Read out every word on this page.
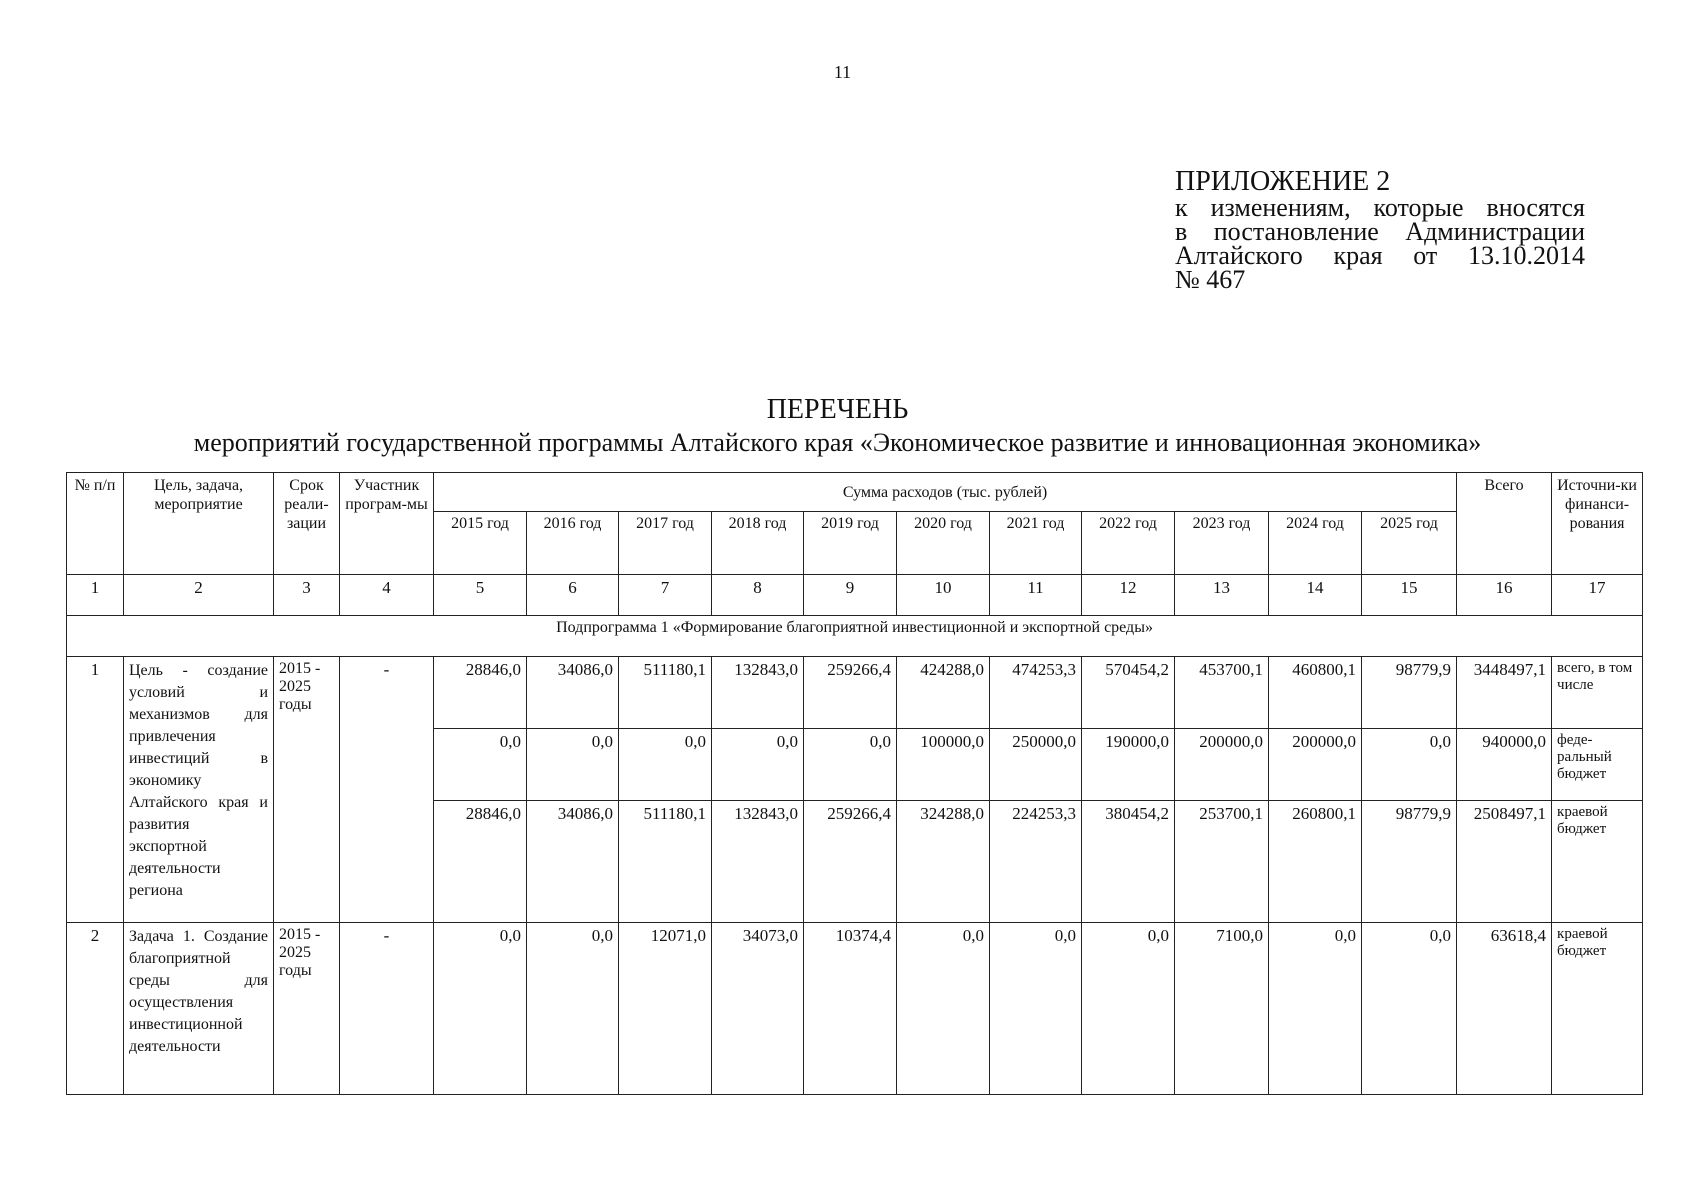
11
ПРИЛОЖЕНИЕ 2
к изменениям, которые вносятся
в постановление Администрации
Алтайского края от 13.10.2014
№ 467
ПЕРЕЧЕНЬ
мероприятий государственной программы Алтайского края «Экономическое развитие и инновационная экономика»
№ п/п	Цель, задача, мероприятие	Срок реали-зации	Участник програм-мы	Сумма расходов (тыс. рублей)											Всего	Источни-ки финанси-рования
				2015 год	2016 год	2017 год	2018 год	2019 год	2020 год	2021 год	2022 год	2023 год	2024 год	2025 год		
1	2	3	4	5	6	7	8	9	10	11	12	13	14	15	16	17
Подпрограмма 1 «Формирование благоприятной инвестиционной и экспортной среды»																
1	Цель - создание условий и механизмов для привлечения инвестиций в экономику Алтайского края и развития экспортной деятельности региона	2015 - 2025 годы	-	28846,0	34086,0	511180,1	132843,0	259266,4	424288,0	474253,3	570454,2	453700,1	460800,1	98779,9	3448497,1	всего, в том числе
				0,0	0,0	0,0	0,0	0,0	100000,0	250000,0	190000,0	200000,0	200000,0	0,0	940000,0	феде-ральный бюджет
				28846,0	34086,0	511180,1	132843,0	259266,4	324288,0	224253,3	380454,2	253700,1	260800,1	98779,9	2508497,1	краевой бюджет
2	Задача 1. Создание благоприятной среды для осуществления инвестиционной деятельности	2015 - 2025 годы	-	0,0	0,0	12071,0	34073,0	10374,4	0,0	0,0	0,0	7100,0	0,0	0,0	63618,4	краевой бюджет
